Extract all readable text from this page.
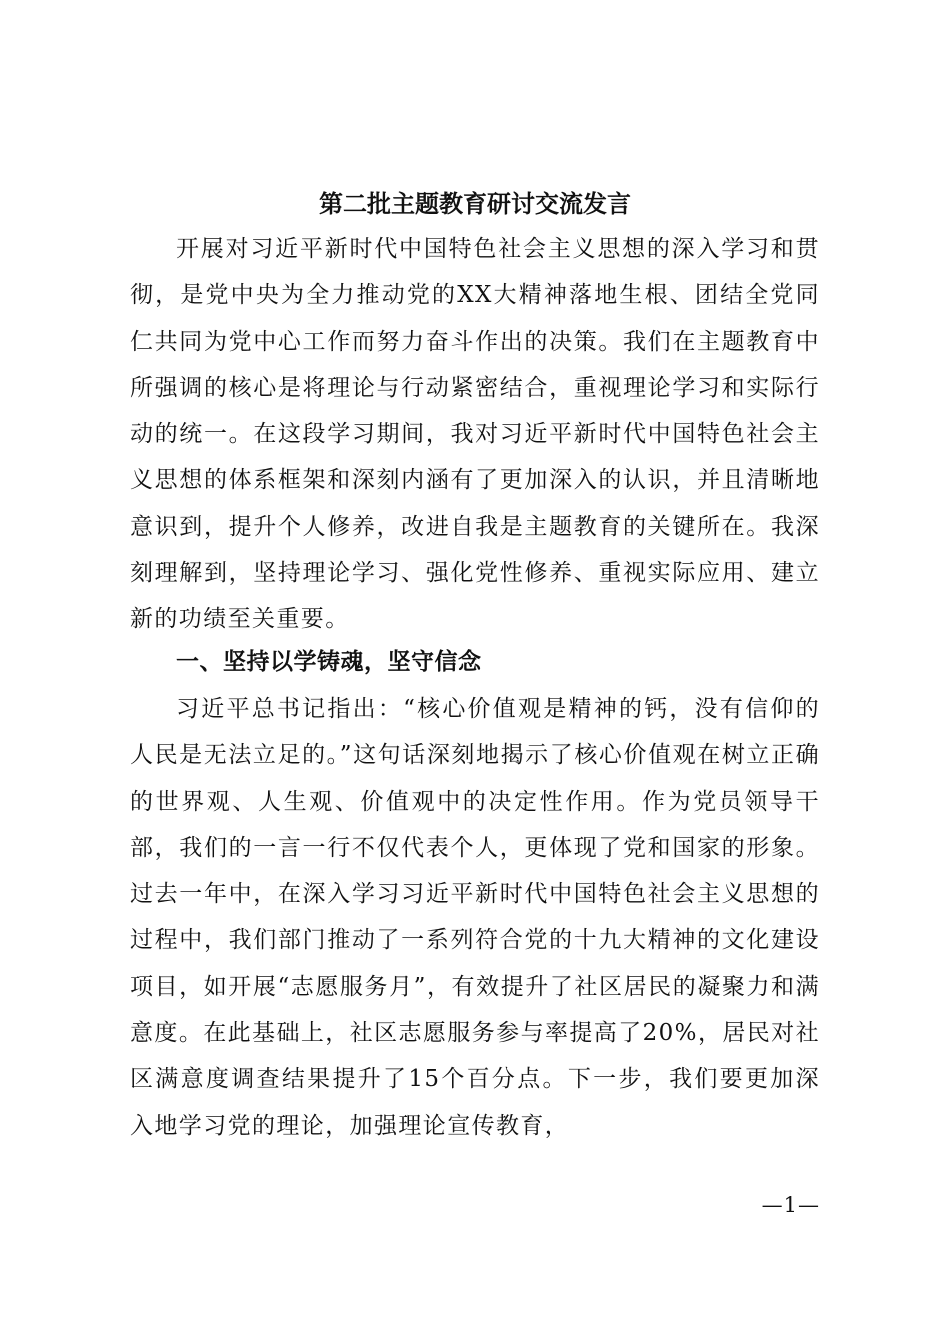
第二批主题教育研讨交流发言
开展对习近平新时代中国特色社会主义思想的深入学习和贯彻，是党中央为全力推动党的XX大精神落地生根、团结全党同仁共同为党中心工作而努力奋斗作出的决策。我们在主题教育中所强调的核心是将理论与行动紧密结合，重视理论学习和实际行动的统一。在这段学习期间，我对习近平新时代中国特色社会主义思想的体系框架和深刻内涵有了更加深入的认识，并且清晰地意识到，提升个人修养，改进自我是主题教育的关键所在。我深刻理解到，坚持理论学习、强化党性修养、重视实际应用、建立新的功绩至关重要。
一、坚持以学铸魂，坚守信念
习近平总书记指出：“核心价值观是精神的钙，没有信仰的人民是无法立足的。”这句话深刻地揭示了核心价值观在树立正确的世界观、人生观、价值观中的决定性作用。作为党员领导干部，我们的一言一行不仅代表个人，更体现了党和国家的形象。过去一年中，在深入学习习近平新时代中国特色社会主义思想的过程中，我们部门推动了一系列符合党的十九大精神的文化建设项目，如开展“志愿服务月”，有效提升了社区居民的凝聚力和满意度。在此基础上，社区志愿服务参与率提高了20%，居民对社区满意度调查结果提升了15个百分点。下一步，我们要更加深入地学习党的理论，加强理论宣传教育，
—1—
